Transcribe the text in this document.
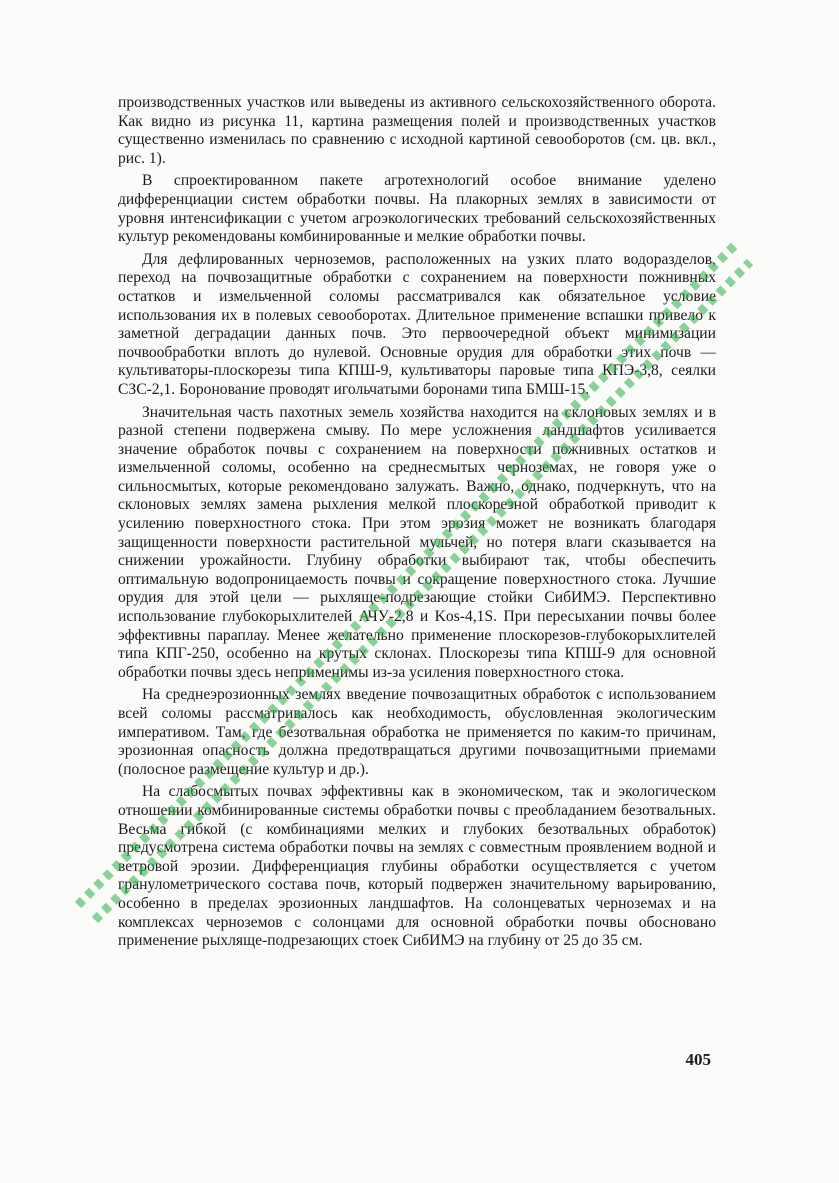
производственных участков или выведены из активного сельскохозяйственного оборота. Как видно из рисунка 11, картина размещения полей и производственных участков существенно изменилась по сравнению с исходной картиной севооборотов (см. цв. вкл., рис. 1).

В спроектированном пакете агротехнологий особое внимание уделено дифференциации систем обработки почвы. На плакорных землях в зависимости от уровня интенсификации с учетом агроэкологических требований сельскохозяйственных культур рекомендованы комбинированные и мелкие обработки почвы.

Для дефлированных черноземов, расположенных на узких плато водоразделов, переход на почвозащитные обработки с сохранением на поверхности пожнивных остатков и измельченной соломы рассматривался как обязательное условие использования их в полевых севооборотах. Длительное применение вспашки привело к заметной деградации данных почв. Это первоочередной объект минимизации почвообработки вплоть до нулевой. Основные орудия для обработки этих почв — культиваторы-плоскорезы типа КПШ-9, культиваторы паровые типа КПЭ-3,8, сеялки СЗС-2,1. Боронование проводят игольчатыми боронами типа БМШ-15.

Значительная часть пахотных земель хозяйства находится на склоновых землях и в разной степени подвержена смыву. По мере усложнения ландшафтов усиливается значение обработок почвы с сохранением на поверхности пожнивных остатков и измельченной соломы, особенно на среднесмытых черноземах, не говоря уже о сильносмытых, которые рекомендовано залужать. Важно, однако, подчеркнуть, что на склоновых землях замена рыхления мелкой плоскорезной обработкой приводит к усилению поверхностного стока. При этом эрозия может не возникать благодаря защищенности поверхности растительной мульчей, но потеря влаги сказывается на снижении урожайности. Глубину обработки выбирают так, чтобы обеспечить оптимальную водопроницаемость почвы и сокращение поверхностного стока. Лучшие орудия для этой цели — рыхляще-подрезающие стойки СибИМЭ. Перспективно использование глубокорыхлителей АЧУ-2,8 и Kos-4,1S. При пересыхании почвы более эффективны параплау. Менее желательно применение плоскорезов-глубокорыхлителей типа КПГ-250, особенно на крутых склонах. Плоскорезы типа КПШ-9 для основной обработки почвы здесь неприменимы из-за усиления поверхностного стока.

На среднеэрозионных землях введение почвозащитных обработок с использованием всей соломы рассматривалось как необходимость, обусловленная экологическим императивом. Там, где безотвальная обработка не применяется по каким-то причинам, эрозионная опасность должна предотвращаться другими почвозащитными приемами (полосное размещение культур и др.).

На слабосмытых почвах эффективны как в экономическом, так и экологическом отношении комбинированные системы обработки почвы с преобладанием безотвальных. Весьма гибкой (с комбинациями мелких и глубоких безотвальных обработок) предусмотрена система обработки почвы на землях с совместным проявлением водной и ветровой эрозии. Дифференциация глубины обработки осуществляется с учетом гранулометрического состава почв, который подвержен значительному варьированию, особенно в пределах эрозионных ландшафтов. На солонцеватых черноземах и на комплексах черноземов с солонцами для основной обработки почвы обосновано применение рыхляще-подрезающих стоек СибИМЭ на глубину от 25 до 35 см.

405
